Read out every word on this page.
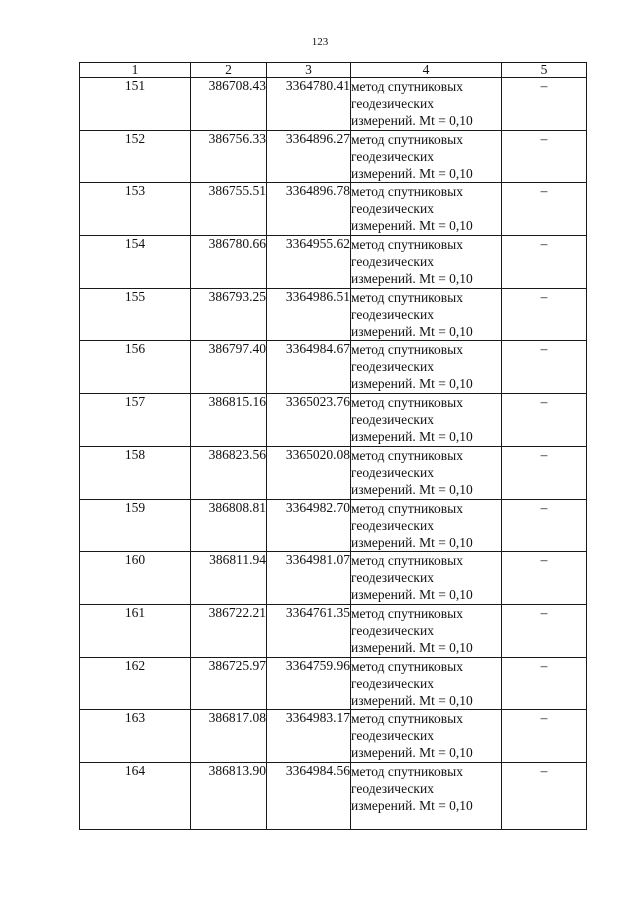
123
1	2	3	4	5
151	386708.43	3364780.41	метод спутниковых
геодезических
измерений. Mt = 0,10	–
152	386756.33	3364896.27	метод спутниковых
геодезических
измерений. Mt = 0,10	–
153	386755.51	3364896.78	метод спутниковых
геодезических
измерений. Mt = 0,10	–
154	386780.66	3364955.62	метод спутниковых
геодезических
измерений. Mt = 0,10	–
155	386793.25	3364986.51	метод спутниковых
геодезических
измерений. Mt = 0,10	–
156	386797.40	3364984.67	метод спутниковых
геодезических
измерений. Mt = 0,10	–
157	386815.16	3365023.76	метод спутниковых
геодезических
измерений. Mt = 0,10	–
158	386823.56	3365020.08	метод спутниковых
геодезических
измерений. Mt = 0,10	–
159	386808.81	3364982.70	метод спутниковых
геодезических
измерений. Mt = 0,10	–
160	386811.94	3364981.07	метод спутниковых
геодезических
измерений. Mt = 0,10	–
161	386722.21	3364761.35	метод спутниковых
геодезических
измерений. Mt = 0,10	–
162	386725.97	3364759.96	метод спутниковых
геодезических
измерений. Mt = 0,10	–
163	386817.08	3364983.17	метод спутниковых
геодезических
измерений. Mt = 0,10	–
164	386813.90	3364984.56	метод спутниковых
геодезических
измерений. Mt = 0,10	–
